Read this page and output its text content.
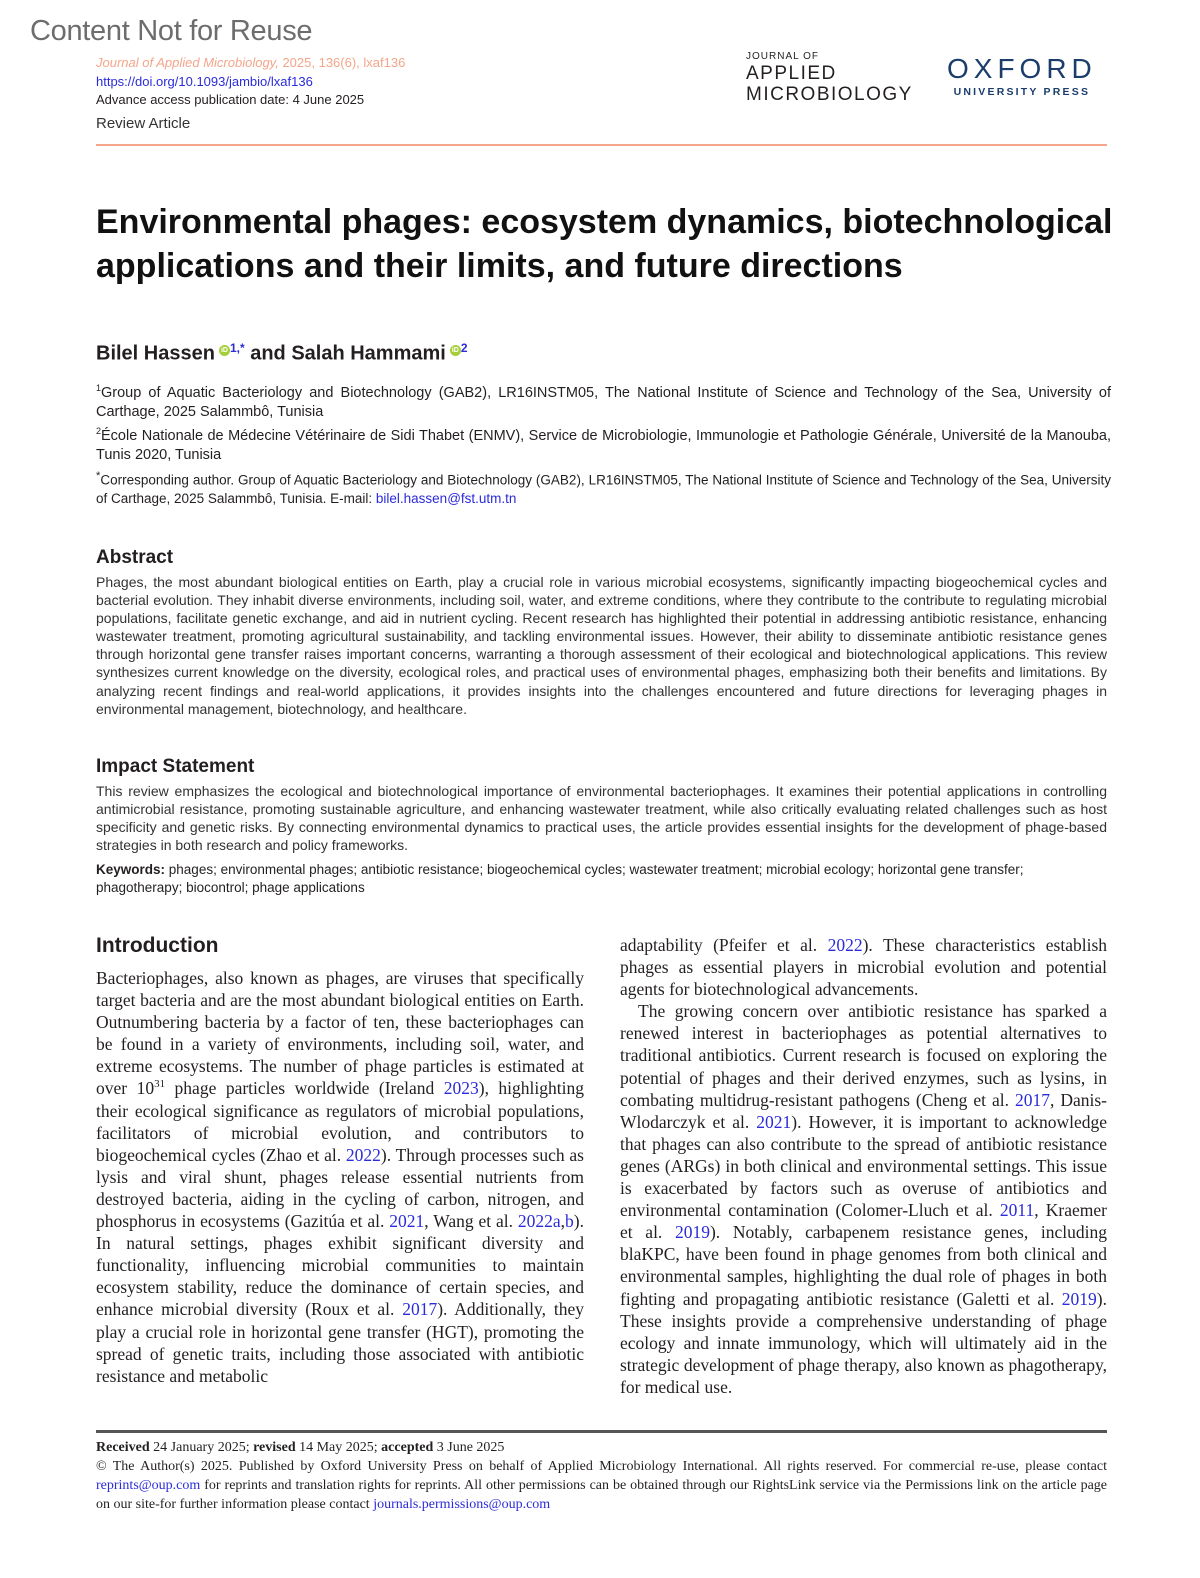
Content Not for Reuse
Journal of Applied Microbiology, 2025, 136(6), lxaf136
https://doi.org/10.1093/jambio/lxaf136
Advance access publication date: 4 June 2025
Review Article
JOURNAL OF
APPLIED
MICROBIOLOGY
OXFORD
UNIVERSITY PRESS
Environmental phages: ecosystem dynamics, biotechnological applications and their limits, and future directions
Bilel Hassen iD $^{1,*}$ and Salah Hammami iD $^2$
$^1$Group of Aquatic Bacteriology and Biotechnology (GAB2), LR16INSTM05, The National Institute of Science and Technology of the Sea, University of Carthage, 2025 Salammbô, Tunisia
$^2$École Nationale de Médecine Vétérinaire de Sidi Thabet (ENMV), Service de Microbiologie, Immunologie et Pathologie Générale, Université de la Manouba, Tunis 2020, Tunisia
*Corresponding author. Group of Aquatic Bacteriology and Biotechnology (GAB2), LR16INSTM05, The National Institute of Science and Technology of the Sea, University of Carthage, 2025 Salammbô, Tunisia. E-mail: bilel.hassen@fst.utm.tn
Abstract

Phages, the most abundant biological entities on Earth, play a crucial role in various microbial ecosystems, significantly impacting biogeochemical cycles and bacterial evolution. They inhabit diverse environments, including soil, water, and extreme conditions, where they contribute to the contribute to regulating microbial populations, facilitate genetic exchange, and aid in nutrient cycling. Recent research has highlighted their potential in addressing antibiotic resistance, enhancing wastewater treatment, promoting agricultural sustainability, and tackling environmental issues. However, their ability to disseminate antibiotic resistance genes through horizontal gene transfer raises important concerns, warranting a thorough assessment of their ecological and biotechnological applications. This review synthesizes current knowledge on the diversity, ecological roles, and practical uses of environmental phages, emphasizing both their benefits and limitations. By analyzing recent findings and real-world applications, it provides insights into the challenges encountered and future directions for leveraging phages in environmental management, biotechnology, and healthcare.

Impact Statement

This review emphasizes the ecological and biotechnological importance of environmental bacteriophages. It examines their potential applications in controlling antimicrobial resistance, promoting sustainable agriculture, and enhancing wastewater treatment, while also critically evaluating related challenges such as host specificity and genetic risks. By connecting environmental dynamics to practical uses, the article provides essential insights for the development of phage-based strategies in both research and policy frameworks.

Keywords: phages; environmental phages; antibiotic resistance; biogeochemical cycles; wastewater treatment; microbial ecology; horizontal gene transfer; phagotherapy; biocontrol; phage applications
Introduction

Bacteriophages, also known as phages, are viruses that specifically target bacteria and are the most abundant biological entities on Earth. Outnumbering bacteria by a factor of ten, these bacteriophages can be found in a variety of environments, including soil, water, and extreme ecosystems. The number of phage particles is estimated at over $10^{31}$ phage particles worldwide (Ireland 2023), highlighting their ecological significance as regulators of microbial populations, facilitators of microbial evolution, and contributors to biogeochemical cycles (Zhao et al. 2022). Through processes such as lysis and viral shunt, phages release essential nutrients from destroyed bacteria, aiding in the cycling of carbon, nitrogen, and phosphorus in ecosystems (Gazitúa et al. 2021, Wang et al. 2022a,b). In natural settings, phages exhibit significant diversity and functionality, influencing microbial communities to maintain ecosystem stability, reduce the dominance of certain species, and enhance microbial diversity (Roux et al. 2017). Additionally, they play a crucial role in horizontal gene transfer (HGT), promoting the spread of genetic traits, including those associated with antibiotic resistance and metabolic

adaptability (Pfeifer et al. 2022). These characteristics establish phages as essential players in microbial evolution and potential agents for biotechnological advancements.

The growing concern over antibiotic resistance has sparked a renewed interest in bacteriophages as potential alternatives to traditional antibiotics. Current research is focused on exploring the potential of phages and their derived enzymes, such as lysins, in combating multidrug-resistant pathogens (Cheng et al. 2017, Danis-Wlodarczyk et al. 2021). However, it is important to acknowledge that phages can also contribute to the spread of antibiotic resistance genes (ARGs) in both clinical and environmental settings. This issue is exacerbated by factors such as overuse of antibiotics and environmental contamination (Colomer-Lluch et al. 2011, Kraemer et al. 2019). Notably, carbapenem resistance genes, including blaKPC, have been found in phage genomes from both clinical and environmental samples, highlighting the dual role of phages in both fighting and propagating antibiotic resistance (Galetti et al. 2019). These insights provide a comprehensive understanding of phage ecology and innate immunology, which will ultimately aid in the strategic development of phage therapy, also known as phagotherapy, for medical use.

Received 24 January 2025; revised 14 May 2025; accepted 3 June 2025
© The Author(s) 2025. Published by Oxford University Press on behalf of Applied Microbiology International. All rights reserved. For commercial re-use, please contact reprints@oup.com for reprints and translation rights for reprints. All other permissions can be obtained through our RightsLink service via the Permissions link on the article page on our site-for further information please contact journals.permissions@oup.com
